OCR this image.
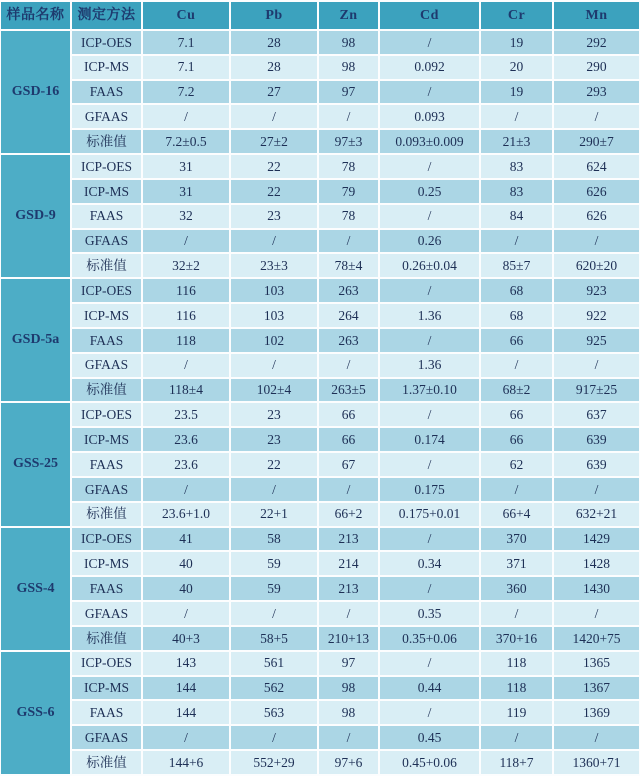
样品名称 测定方法	Cu	Pb	Zn	Cd	Cr	Mn
GSD-16
ICP-OES	7.1	28	98	/	19	292
ICP-MS	7.1	28	98	0.092	20	290
FAAS	7.2	27	97	/	19	293
GFAAS	/	/	/	0.093	/	/
标准值	7.2±0.5	27±2	97±3	0.093±0.009	21±3	290±7
GSD-9
ICP-OES	31	22	78	/	83	624
ICP-MS	31	22	79	0.25	83	626
FAAS	32	23	78	/	84	626
GFAAS	/	/	/	0.26	/	/
标准值	32±2	23±3	78±4	0.26±0.04	85±7	620±20
GSD-5a
ICP-OES	116	103	263	/	68	923
ICP-MS	116	103	264	1.36	68	922
FAAS	118	102	263	/	66	925
GFAAS	/	/	/	1.36	/	/
标准值	118±4	102±4	263±5	1.37±0.10	68±2	917±25
GSS-25
ICP-OES	23.5	23	66	/	66	637
ICP-MS	23.6	23	66	0.174	66	639
FAAS	23.6	22	67	/	62	639
GFAAS	/	/	/	0.175	/	/
标准值	23.6+1.0	22+1	66+2	0.175+0.01	66+4	632+21
GSS-4
ICP-OES	41	58	213	/	370	1429
ICP-MS	40	59	214	0.34	371	1428
FAAS	40	59	213	/	360	1430
GFAAS	/	/	/	0.35	/	/
标准值	40+3	58+5	210+13	0.35+0.06	370+16	1420+75
GSS-6
ICP-OES	143	561	97	/	118	1365
ICP-MS	144	562	98	0.44	118	1367
FAAS	144	563	98	/	119	1369
GFAAS	/	/	/	0.45	/	/
标准值	144+6	552+29	97+6	0.45+0.06	118+7	1360+71
